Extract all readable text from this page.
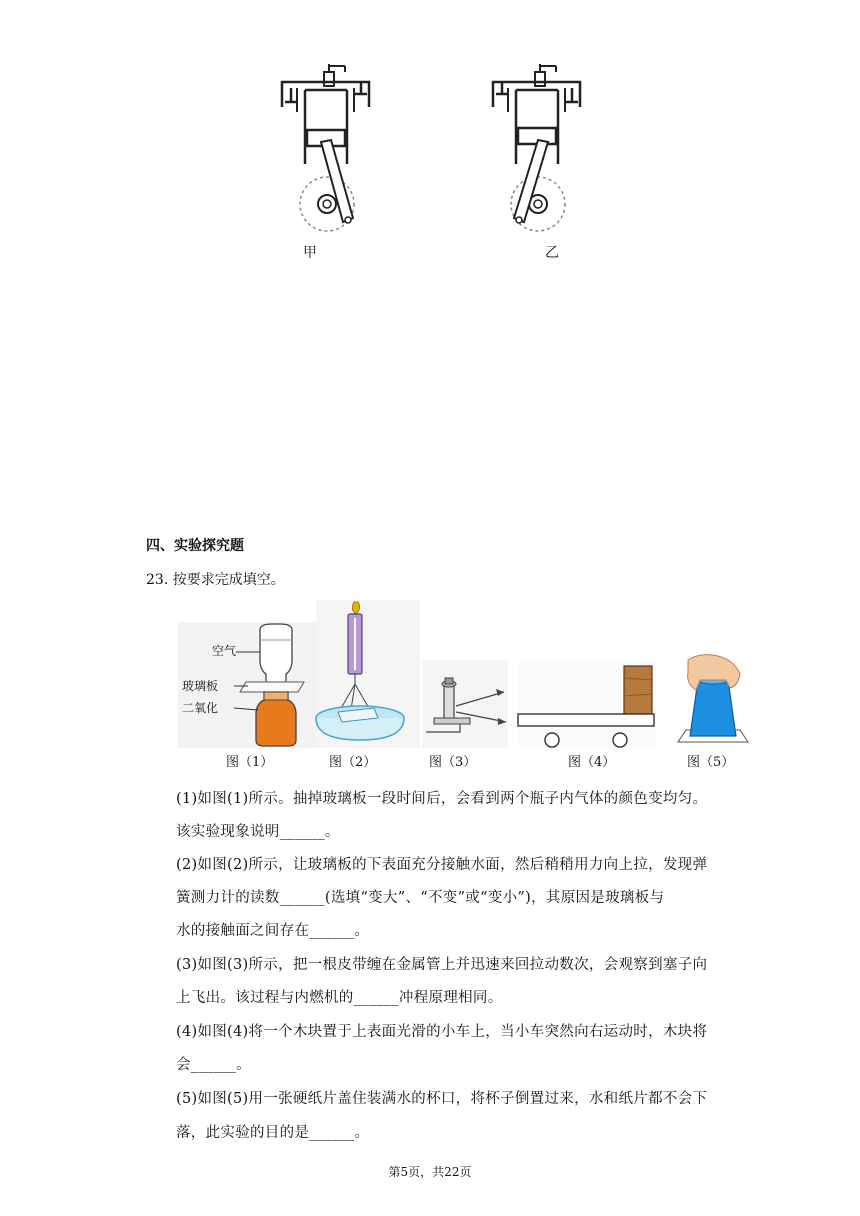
甲	乙
四、实验探究题
23. 按要求完成填空。
空气
玻璃板
二氧化
图（1）	图（2）	图（3）	图（4）	图（5）
(1)如图(1)所示。抽掉玻璃板一段时间后，会看到两个瓶子内气体的颜色变均匀。
该实验现象说明______。
(2)如图(2)所示，让玻璃板的下表面充分接触水面，然后稍稍用力向上拉，发现弹
簧测力计的读数______(选填“变大”、“不变”或“变小”)，其原因是玻璃板与
水的接触面之间存在______。
(3)如图(3)所示，把一根皮带缠在金属管上并迅速来回拉动数次，会观察到塞子向
上飞出。该过程与内燃机的______冲程原理相同。
(4)如图(4)将一个木块置于上表面光滑的小车上，当小车突然向右运动时，木块将
会______。
(5)如图(5)用一张硬纸片盖住装满水的杯口，将杯子倒置过来，水和纸片都不会下
落，此实验的目的是______。
第5页，共22页
